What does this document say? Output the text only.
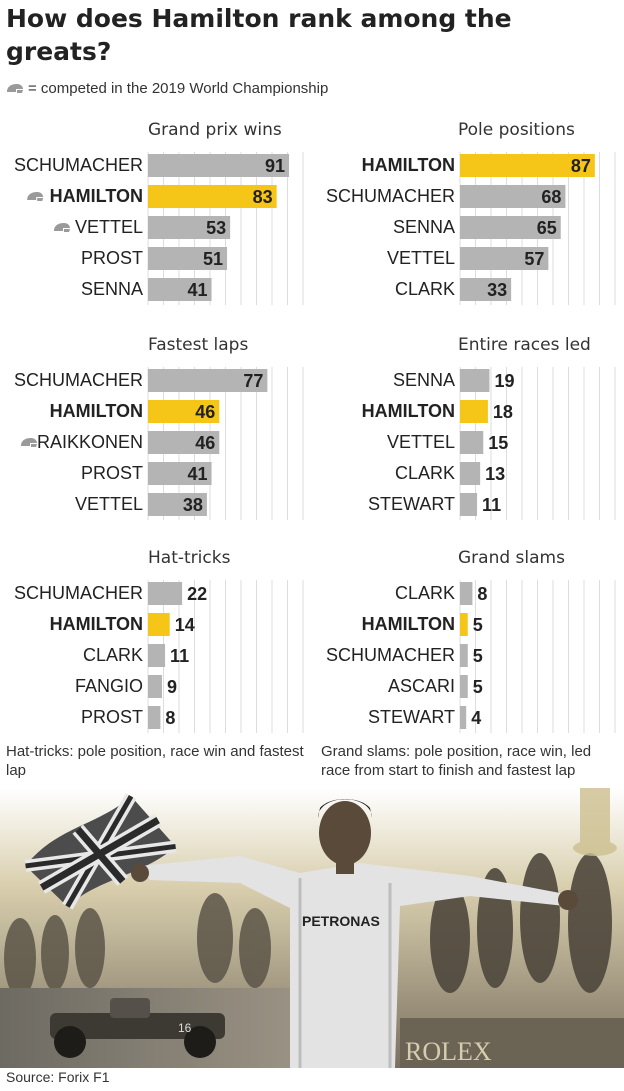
How does Hamilton rank among the greats?
= competed in the 2019 World Championship
Grand prix wins
SCHUMACHER	91
HAMILTON	83
VETTEL	53
PROST	51
SENNA 41
Pole positions
HAMILTON	87
SCHUMACHER	68
SENNA	65
VETTEL	57
CLARK 33
Fastest laps
SCHUMACHER	77
HAMILTON	46
RAIKKONEN	46
PROST 41
VETTEL 38
Entire races led
SENNA 19
HAMILTON 18
VETTEL 15
CLARK 13
STEWART 11
Hat-tricks
SCHUMACHER 22
HAMILTON 14
CLARK 11
FANGIO 9
PROST 8
Grand slams
CLARK 8
HAMILTON 5
SCHUMACHER 5
ASCARI 5
STEWART 4
Hat-tricks: pole position, race win and fastest lap
Grand slams: pole position, race win, led race from start to finish and fastest lap
16
ROLEX
PETRONAS
Source: Forix F1
